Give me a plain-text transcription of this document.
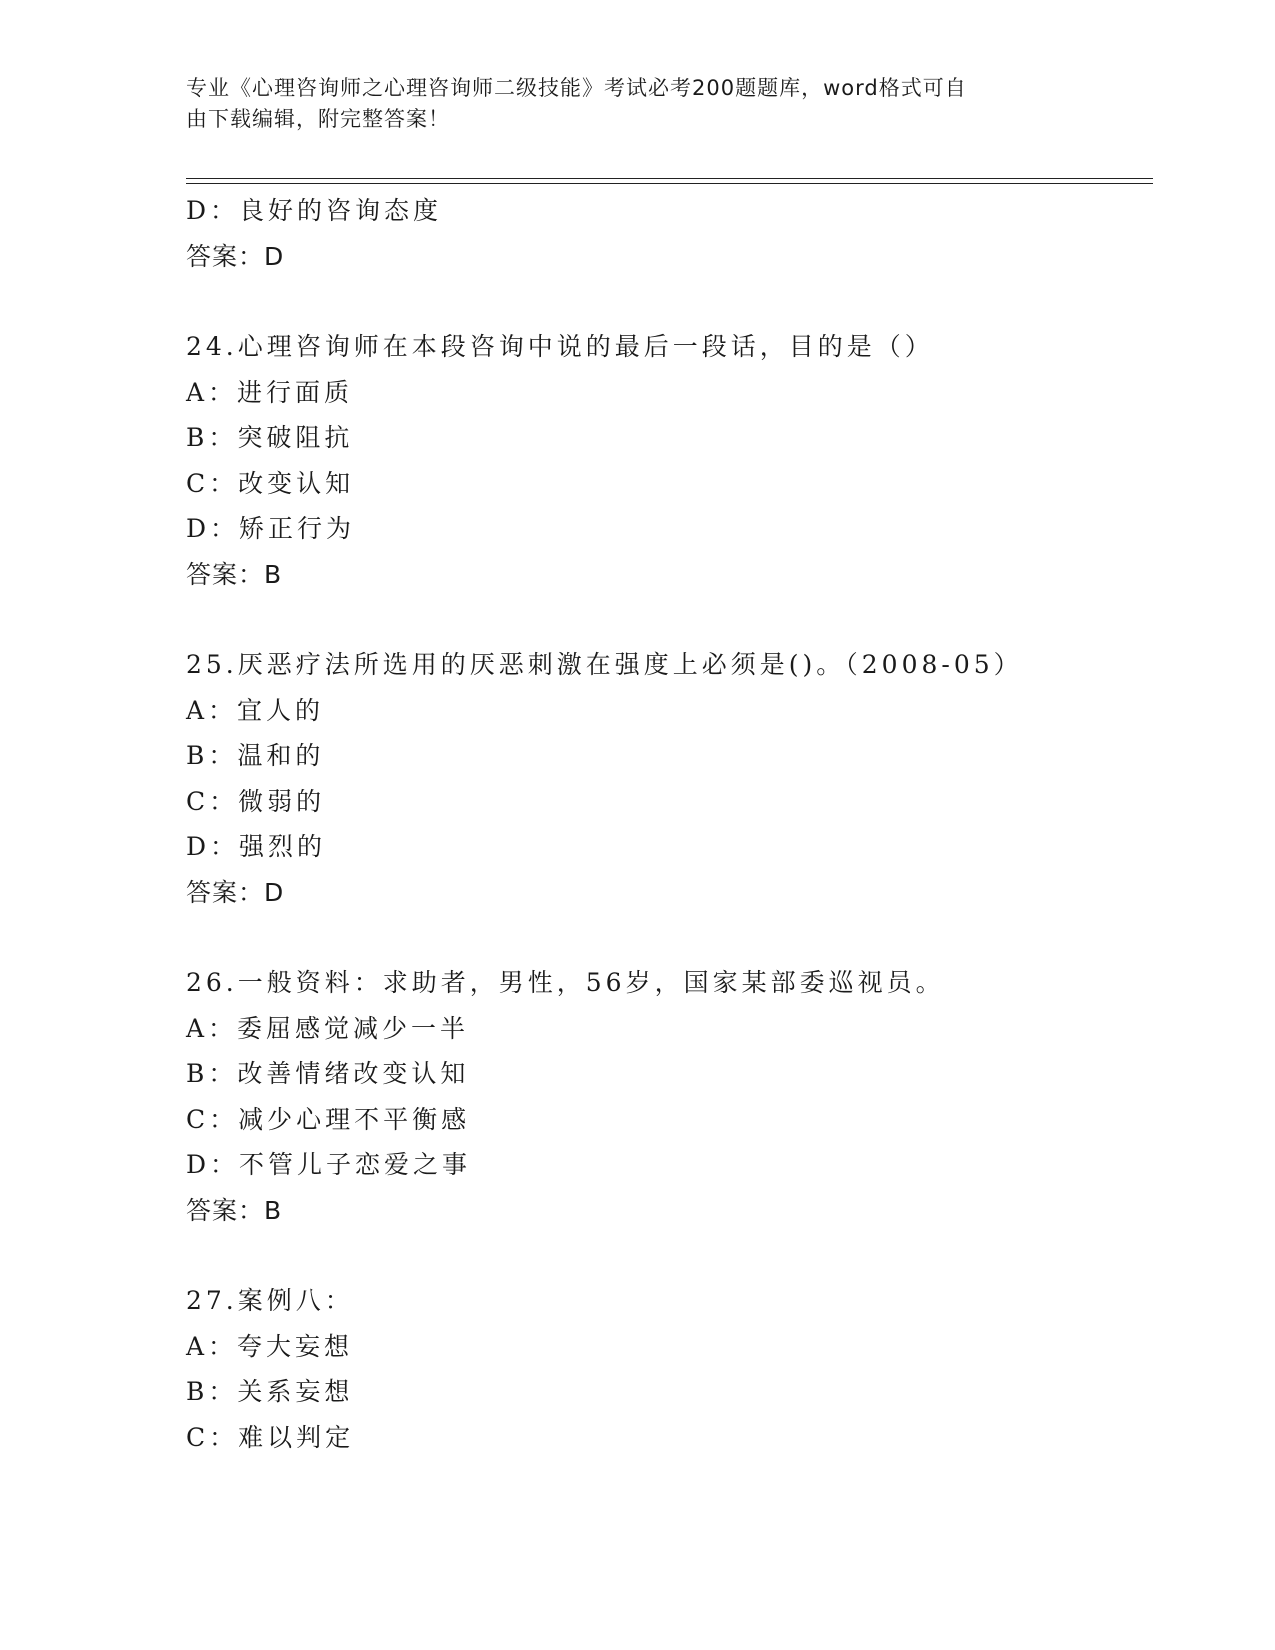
专业《心理咨询师之心理咨询师二级技能》考试必考200题题库，word格式可自
由下载编辑，附完整答案！
D：良好的咨询态度
答案：D
24.心理咨询师在本段咨询中说的最后一段话，目的是（）
A：进行面质
B：突破阻抗
C：改变认知
D：矫正行为
答案：B
25.厌恶疗法所选用的厌恶刺激在强度上必须是()。（2008-05）
A：宜人的
B：温和的
C：微弱的
D：强烈的
答案：D
26.一般资料：求助者，男性，56岁，国家某部委巡视员。
A：委屈感觉减少一半
B：改善情绪改变认知
C：减少心理不平衡感
D：不管儿子恋爱之事
答案：B
27.案例八：
A：夸大妄想
B：关系妄想
C：难以判定
